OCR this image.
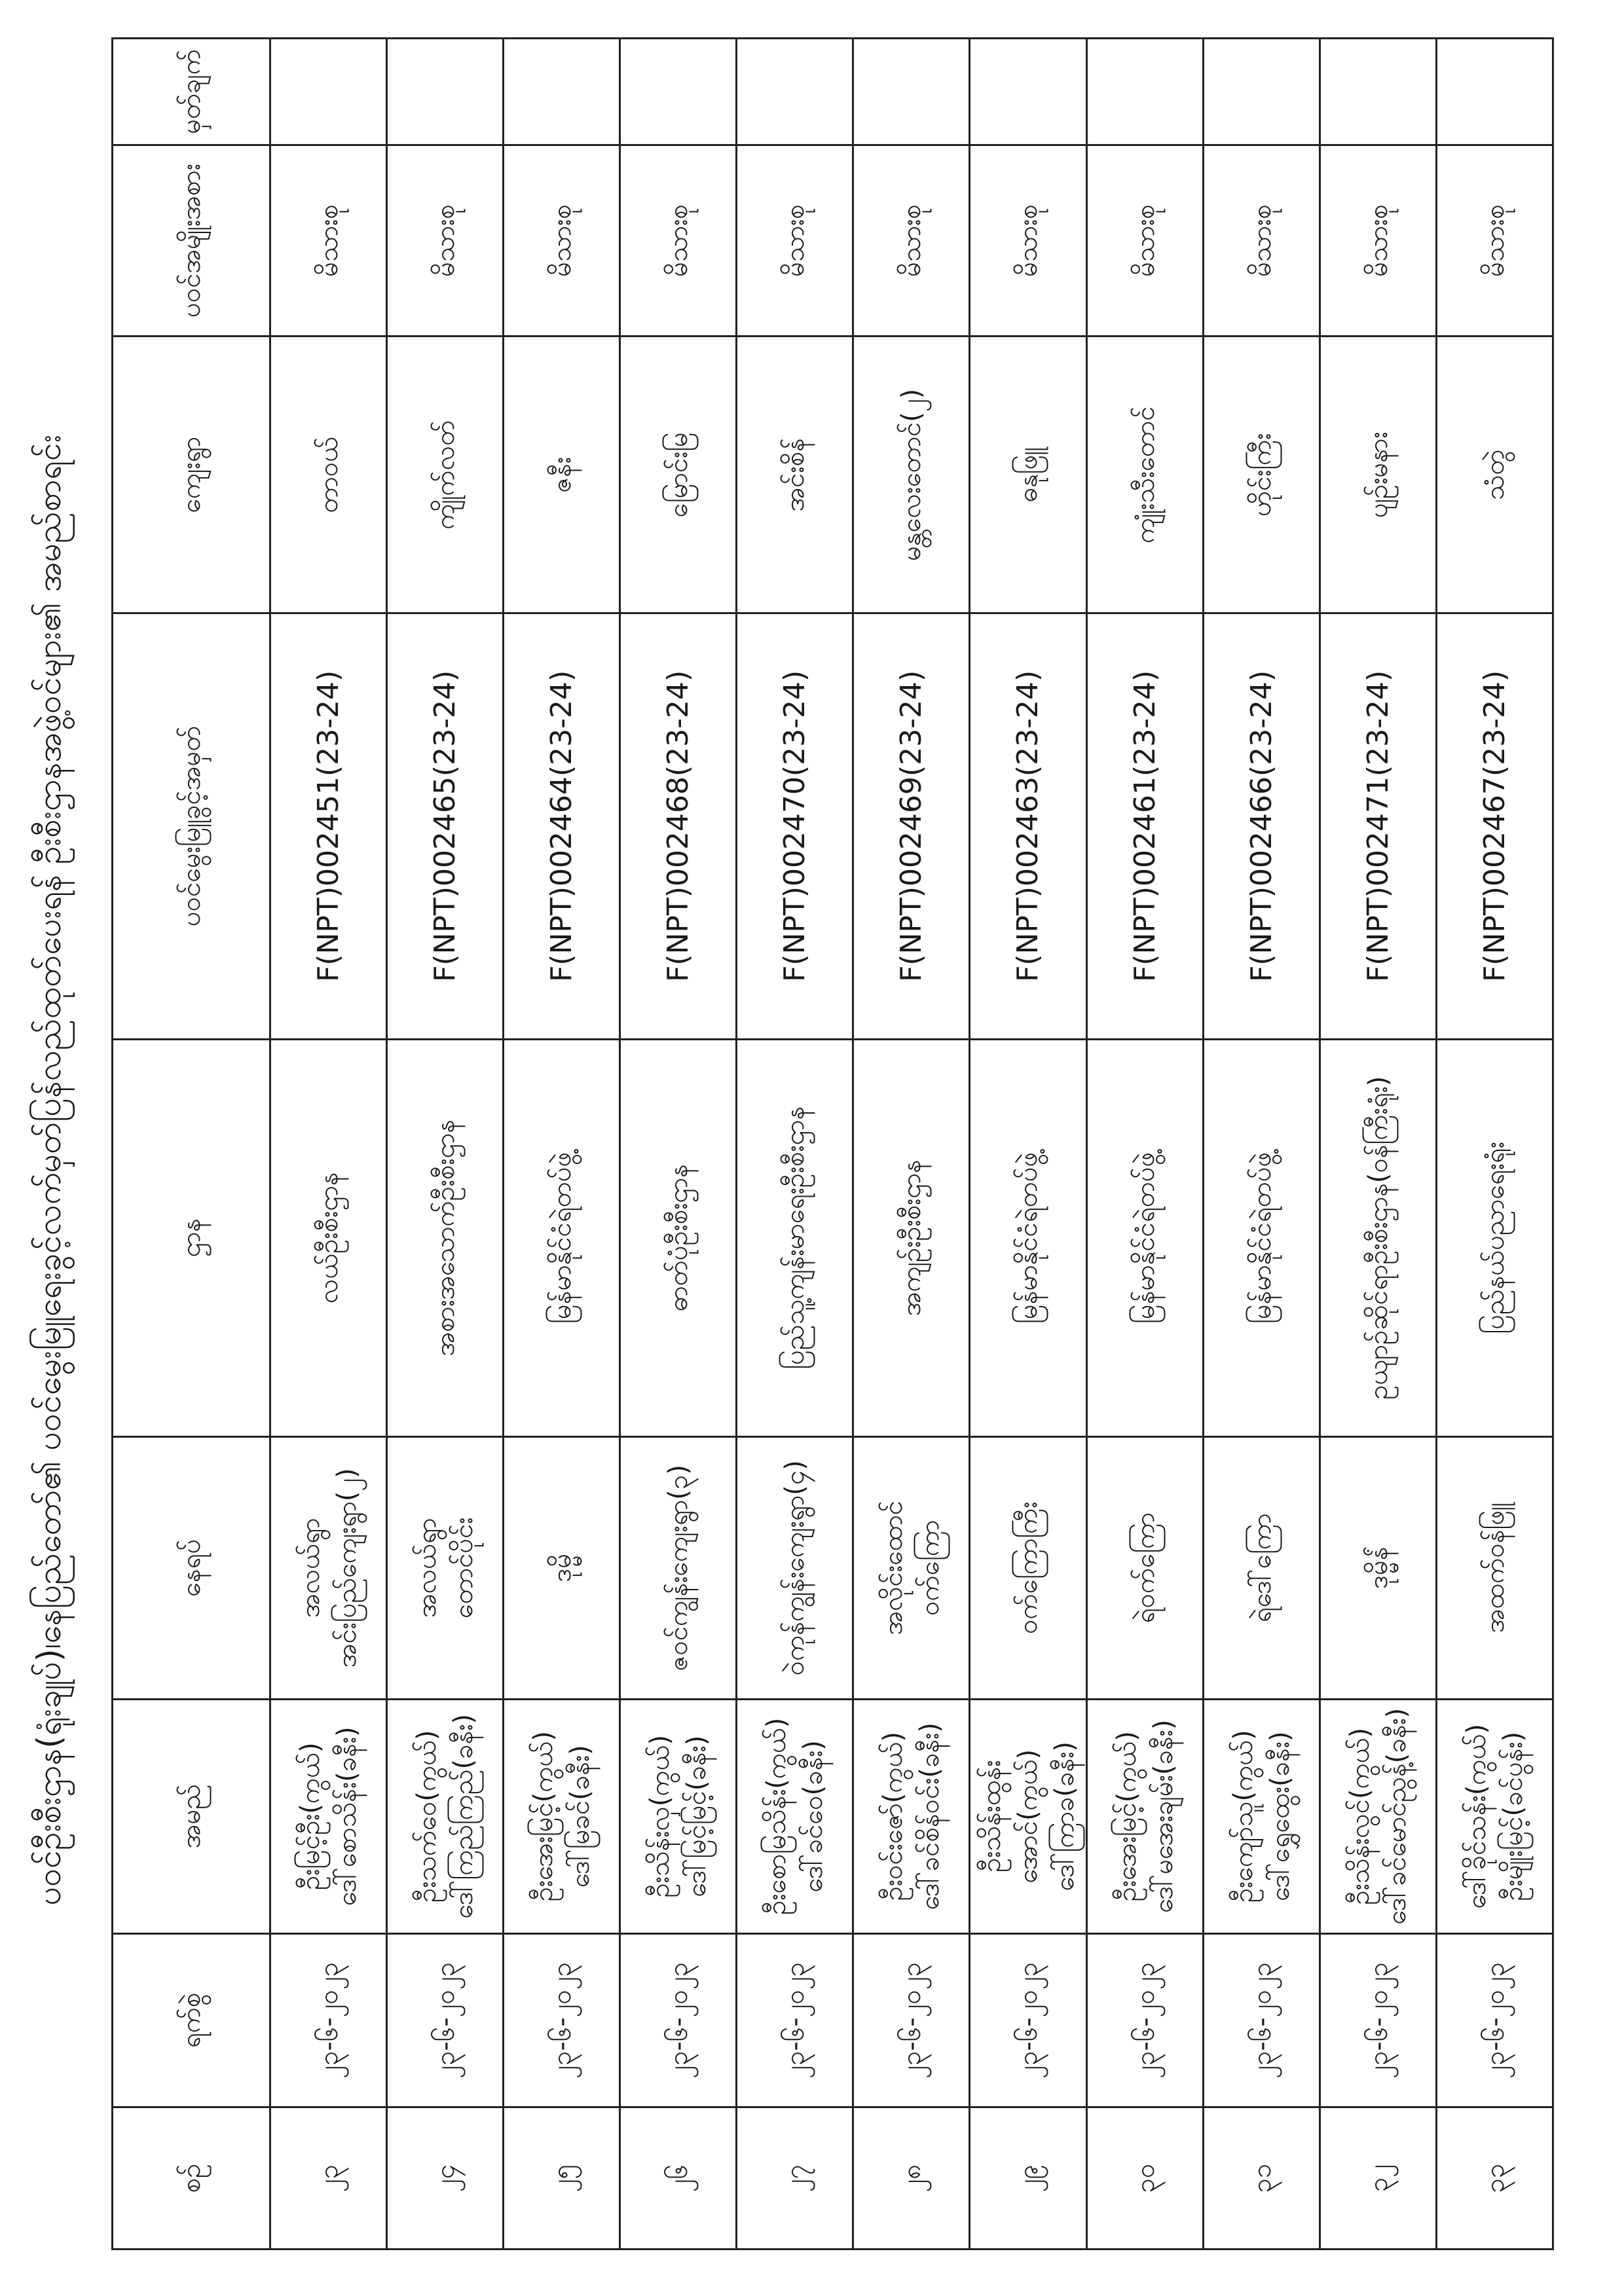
ပဝင်ဦးစီးဌာန(ရုံးချုပ်)၊နေပြည်တော်၏ ပဝင်မွေးမြူရေးခွင့်လက်မှတ်ပြန်လည်ထုတ်ပေးရန် ဦးစီးဌာနအဖွဲ့ဝင်များ၏ အမည်စာရင်း
စဉ်	ရက်စွဲ	အမည်	နေရပ်	ဌာန	ပဝင်မွေးမြူခွင့်အမှတ်	ကျေးရွာ	ပဝင်အမျိုးအစား	မှတ်ချက်
၂၃	၂၃-၆-၂၀၂၃	ဦးမြင့်ဦး(ကွယ်) ဒေါ်စောသိန်း(ခနီး)	အလယ်ရွာ အင်းပြည်ကျေးရွာ(၂)	လယ်ဦးစီးဌာန	F(NPT)002451(23-24)	တာဝယ်	မိသားစု	
၂၄	၂၃-၆-၂၀၂၃	ဦးသက်ဝေ(ကွယ်) ဒေါ်ကြည်ကြည်(ခနီး)	အလယ်ရွာ တောင်ပိုင်း	အစားအသောက်ဦးစီးဌာန	F(NPT)002465(23-24)	ကျိုက်လတ်	မိသားစု	
၂၅	၂၃-၆-၂၀၂၃	ဦးအေးမြင့်(ကွယ်) ဒေါ်မြခင်(ခနီး)	ဒုမ္မိ	မြန်မာနိုင်ငံရဲတပ်ဖွဲ့	F(NPT)002464(23-24)	ဇနီး	မိသားစု	
၂၆	၂၃-၆-၂၀၂၃	ဦးသိန်းလှ(ကွယ်) ဒေါ်မြင့်မြင့်(ခနီး)	ဇဝင်ကျွန်းကျေးရွာ(၃)	ဓာတ်ပုံဦးစီးဌာန	F(NPT)002468(23-24)	မြောင်းမြ	မိသားစု	
၂၇	၂၃-၆-၂၀၂၃	ဦးစောမြသိန်း(ကွယ်) ဒေါ်ခင်ဝေ(ခနီး)	ဝဲကုန်ကျွန်းကျေးရွာ(၄)	ပြည်သူ့ကျန်းမာရေးဦးစီးဌာန	F(NPT)002470(23-24)	အင်းစိန်	မိသားစု	
၂၈	၂၃-၆-၂၀၂၃	ဦးဝင်းဇော်(ကွယ်) ဒေါ်ခင်စိန်ဝင်း(ခနီး)	အလိုင်းထောင် ဝက်ကြော	အကျဉ်းဦးစီးဌာန	F(NPT)002469(23-24)	မန္တလေးတောင်(၂)	မိသားစု	
၂၉	၂၃-၆-၂၀၂၃	ဦးသိန်းထွန်းအောင်(ကွယ်) ဒေါ်ကြာခ(ခနီး)	ဝက်ကြောကြီး	မြန်မာနိုင်ငံရဲတပ်ဖွဲ့	F(NPT)002463(23-24)	ဓနုဖြူ	မိသားစု	
၃၀	၂၃-၆-၂၀၂၃	ဦးအေးမြင့်(ကွယ်) ဒေါ်မအေးချမ်း(ခနီး)	ရဲဝက်ကြော	မြန်မာနိုင်ငံရဲတပ်ဖွဲ့	F(NPT)002461(23-24)	ကျုံးသီးတောင်	မိသားစု	
၃၁	၂၃-၆-၂၀၂၃	ဦးကျော်သူ(ကွယ်) ဒေါ်ရွှေထွေး(ခနီး)	ရဲဒေါ်ကြော	မြန်မာနိုင်ငံရဲတပ်ဖွဲ့	F(NPT)002466(23-24)	ဟိုင်းကြီး	မိသားစု	
၃၂	၂၃-၆-၂၀၂၃	ဦးသိန်းလွင်(ကွယ်) ဒေါ်ခင်မောင်ညွန့်(ခနီး)	ဒုမ္မိန်ံ	ဥယျာဉ်ဆိုင်ရာဦးစီးဌာန(ဝန်ကြီးရုံး)	F(NPT)002471(23-24)	ပျဉ်းမနား	မိသားစု	
၃၃	၂၃-၆-၂၀၂၃	ဒေါ်ခိုင်သန်း(ကွယ်) ဦးမျိုးမြင့်(ခင်ပွန်း)	အထက်ဝန်ဖြူ	ပြည်နယ်ပညာရေးရုံး	F(NPT)002467(23-24)	သံတွဲ	မိသားစု	
